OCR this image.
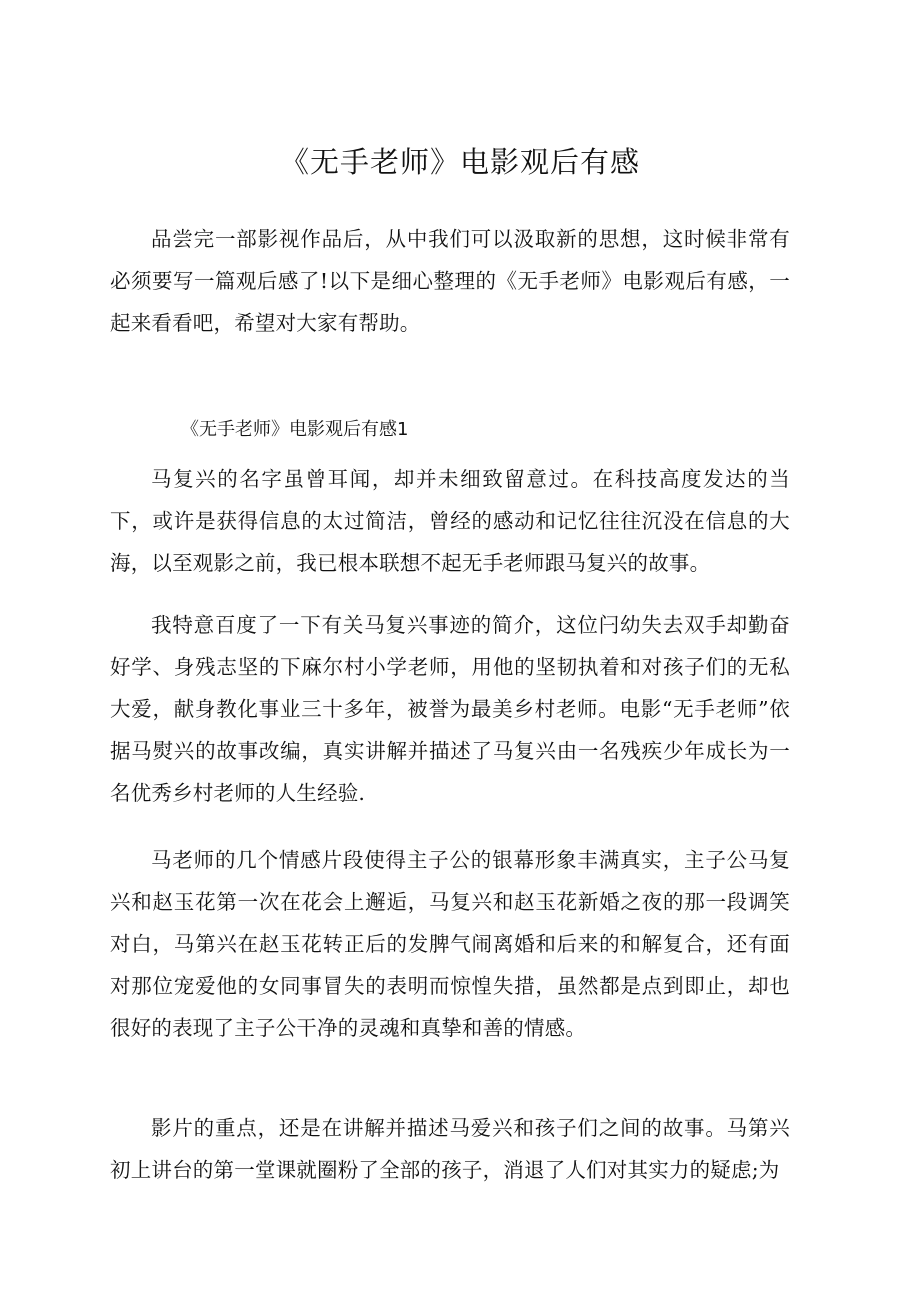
《无手老师》电影观后有感

品尝完一部影视作品后，从中我们可以汲取新的思想，这时候非常有必须要写一篇观后感了!以下是细心整理的《无手老师》电影观后有感，一起来看看吧，希望对大家有帮助。

《无手老师》电影观后有感1

马复兴的名字虽曾耳闻，却并未细致留意过。在科技高度发达的当下，或许是获得信息的太过简洁，曾经的感动和记忆往往沉没在信息的大海，以至观影之前，我已根本联想不起无手老师跟马复兴的故事。

我特意百度了一下有关马复兴事迹的简介，这位闩幼失去双手却勤奋好学、身残志坚的下麻尔村小学老师，用他的坚韧执着和对孩子们的无私大爱，献身教化事业三十多年，被誉为最美乡村老师。电影“无手老师”依据马熨兴的故事改编，真实讲解并描述了马复兴由一名残疾少年成长为一名优秀乡村老师的人生经验.

马老师的几个情感片段使得主子公的银幕形象丰满真实，主子公马复兴和赵玉花第一次在花会上邂逅，马复兴和赵玉花新婚之夜的那一段调笑对白，马第兴在赵玉花转正后的发脾气闹离婚和后来的和解复合，还有面对那位宠爱他的女同事冒失的表明而惊惶失措，虽然都是点到即止，却也很好的表现了主子公干净的灵魂和真挚和善的情感。

影片的重点，还是在讲解并描述马爱兴和孩子们之间的故事。马第兴初上讲台的第一堂课就圈粉了全部的孩子，消退了人们对其实力的疑虑;为
